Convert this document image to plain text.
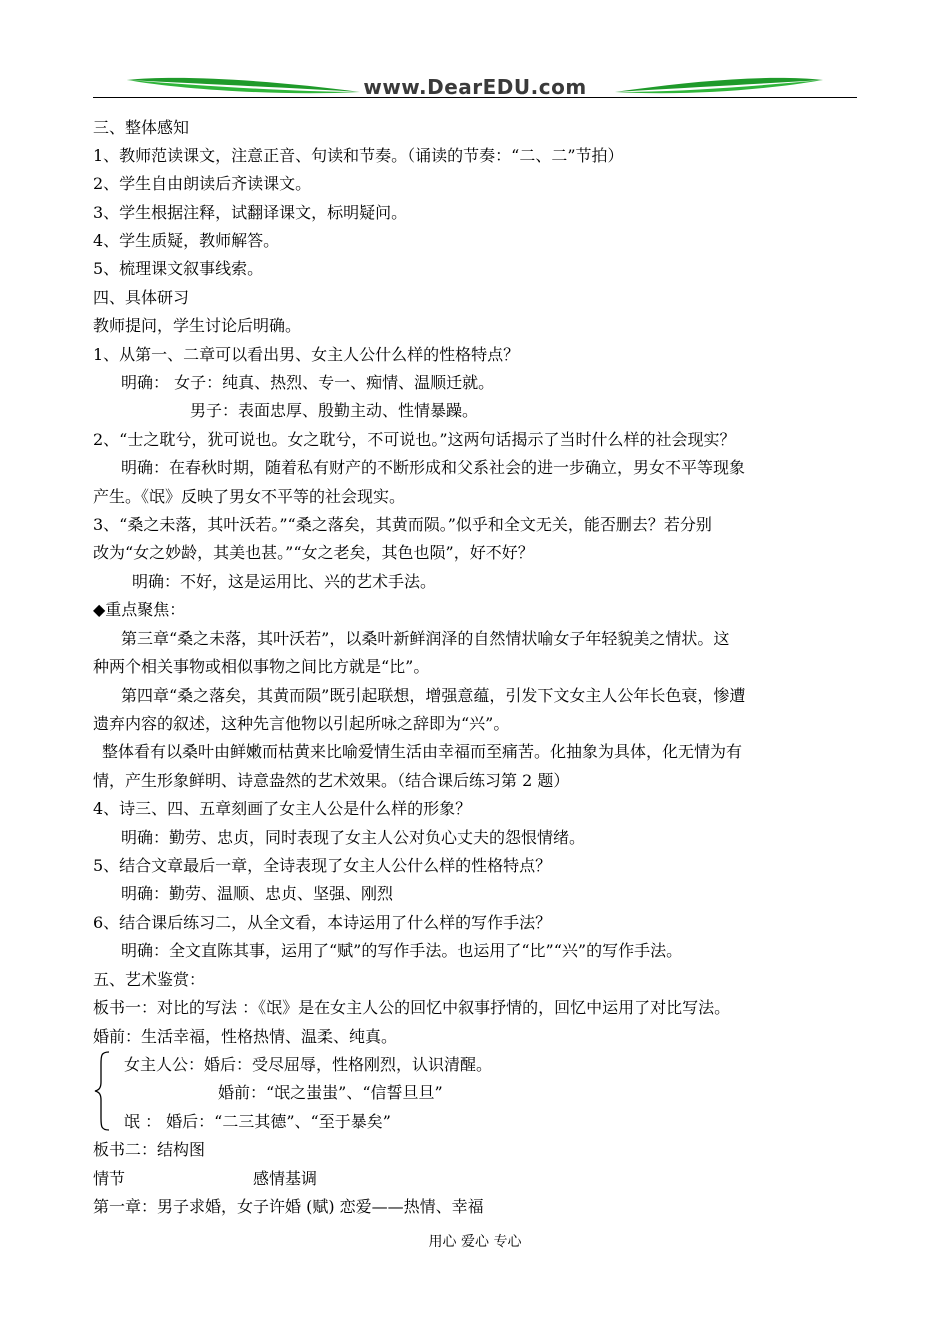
www.DearEDU.com
三、整体感知
1、教师范读课文，注意正音、句读和节奏。（诵读的节奏：“二、二”节拍）
2、学生自由朗读后齐读课文。
3、学生根据注释，试翻译课文，标明疑问。
4、学生质疑，教师解答。
5、梳理课文叙事线索。
四、具体研习
教师提问，学生讨论后明确。
1、从第一、二章可以看出男、女主人公什么样的性格特点？
明确： 女子：纯真、热烈、专一、痴情、温顺迁就。
男子：表面忠厚、殷勤主动、性情暴躁。
2、“士之耽兮，犹可说也。女之耽兮，不可说也。”这两句话揭示了当时什么样的社会现实？
明确：在春秋时期，随着私有财产的不断形成和父系社会的进一步确立，男女不平等现象
产生。《氓》反映了男女不平等的社会现实。
3、“桑之未落，其叶沃若。”“桑之落矣，其黄而陨。”似乎和全文无关，能否删去？若分别
改为“女之妙龄，其美也甚。”“女之老矣，其色也陨”，好不好？
明确：不好，这是运用比、兴的艺术手法。
◆重点聚焦：
第三章“桑之未落，其叶沃若”，以桑叶新鲜润泽的自然情状喻女子年轻貌美之情状。这
种两个相关事物或相似事物之间比方就是“比”。
第四章“桑之落矣，其黄而陨”既引起联想，增强意蕴，引发下文女主人公年长色衰，惨遭
遗弃内容的叙述，这种先言他物以引起所咏之辞即为“兴”。
整体看有以桑叶由鲜嫩而枯黄来比喻爱情生活由幸福而至痛苦。化抽象为具体，化无情为有
情，产生形象鲜明、诗意盎然的艺术效果。（结合课后练习第 2 题）
4、诗三、四、五章刻画了女主人公是什么样的形象？
明确：勤劳、忠贞，同时表现了女主人公对负心丈夫的怨恨情绪。
5、结合文章最后一章，全诗表现了女主人公什么样的性格特点？
明确：勤劳、温顺、忠贞、坚强、刚烈
6、结合课后练习二，从全文看，本诗运用了什么样的写作手法？
明确：全文直陈其事，运用了“赋”的写作手法。也运用了“比”“兴”的写作手法。
五、艺术鉴赏：
板书一：对比的写法 ：《氓》是在女主人公的回忆中叙事抒情的，回忆中运用了对比写法。
婚前：生活幸福，性格热情、温柔、纯真。
女主人公：婚后：受尽屈辱，性格刚烈，认识清醒。
婚前：“氓之蚩蚩”、“信誓旦旦”
氓 ： 婚后：“二三其德”、“至于暴矣”
板书二：结构图
情节	感情基调
第一章：男子求婚，女子许婚 (赋) 恋爱——热情、幸福
用心 爱心 专心
